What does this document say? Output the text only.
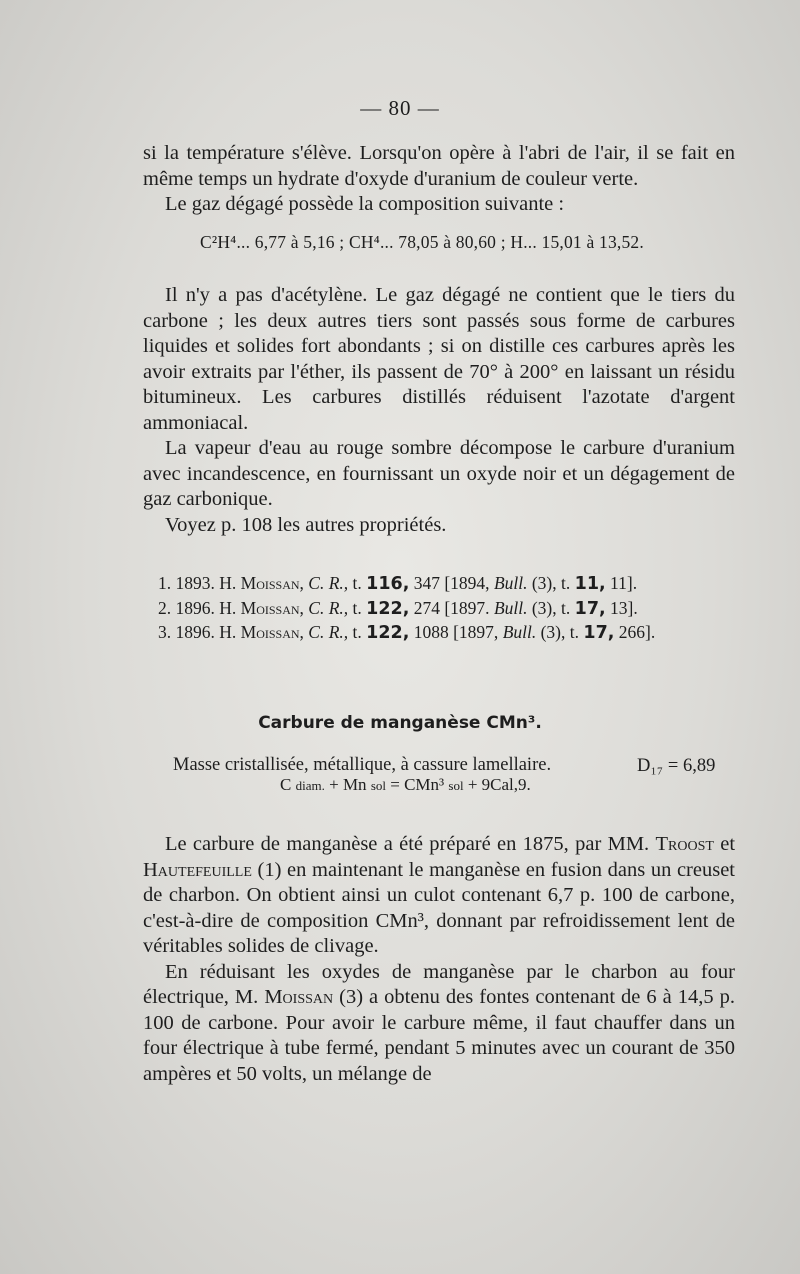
— 80 —

si la température s'élève. Lorsqu'on opère à l'abri de l'air, il se fait en même temps un hydrate d'oxyde d'uranium de couleur verte.

Le gaz dégagé possède la composition suivante :

C²H⁴... 6,77 à 5,16 ; CH⁴... 78,05 à 80,60 ; H... 15,01 à 13,52.

Il n'y a pas d'acétylène. Le gaz dégagé ne contient que le tiers du carbone ; les deux autres tiers sont passés sous forme de carbures liquides et solides fort abondants ; si on distille ces carbures après les avoir extraits par l'éther, ils passent de 70° à 200° en laissant un résidu bitumineux. Les carbures distillés réduisent l'azotate d'argent ammoniacal.

La vapeur d'eau au rouge sombre décompose le carbure d'uranium avec incandescence, en fournissant un oxyde noir et un dégagement de gaz carbonique.

Voyez p. 108 les autres propriétés.

1. 1893. H. Moissan, C. R., t. 116, 347 [1894, Bull. (3), t. 11, 11].
2. 1896. H. Moissan, C. R., t. 122, 274 [1897. Bull. (3), t. 17, 13].
3. 1896. H. Moissan, C. R., t. 122, 1088 [1897, Bull. (3), t. 17, 266].
Carbure de manganèse CMn³.
Masse cristallisée, métallique, à cassure lamellaire.	D₁₇ = 6,89
C diam. + Mn sol = CMn³ sol + 9Cal,9.

Le carbure de manganèse a été préparé en 1875, par MM. Troost et Hautefeuille (1) en maintenant le manganèse en fusion dans un creuset de charbon. On obtient ainsi un culot contenant 6,7 p. 100 de carbone, c'est-à-dire de composition CMn³, donnant par refroidissement lent de véritables solides de clivage.

En réduisant les oxydes de manganèse par le charbon au four électrique, M. Moissan (3) a obtenu des fontes contenant de 6 à 14,5 p. 100 de carbone. Pour avoir le carbure même, il faut chauffer dans un four électrique à tube fermé, pendant 5 minutes avec un courant de 350 ampères et 50 volts, un mélange de
